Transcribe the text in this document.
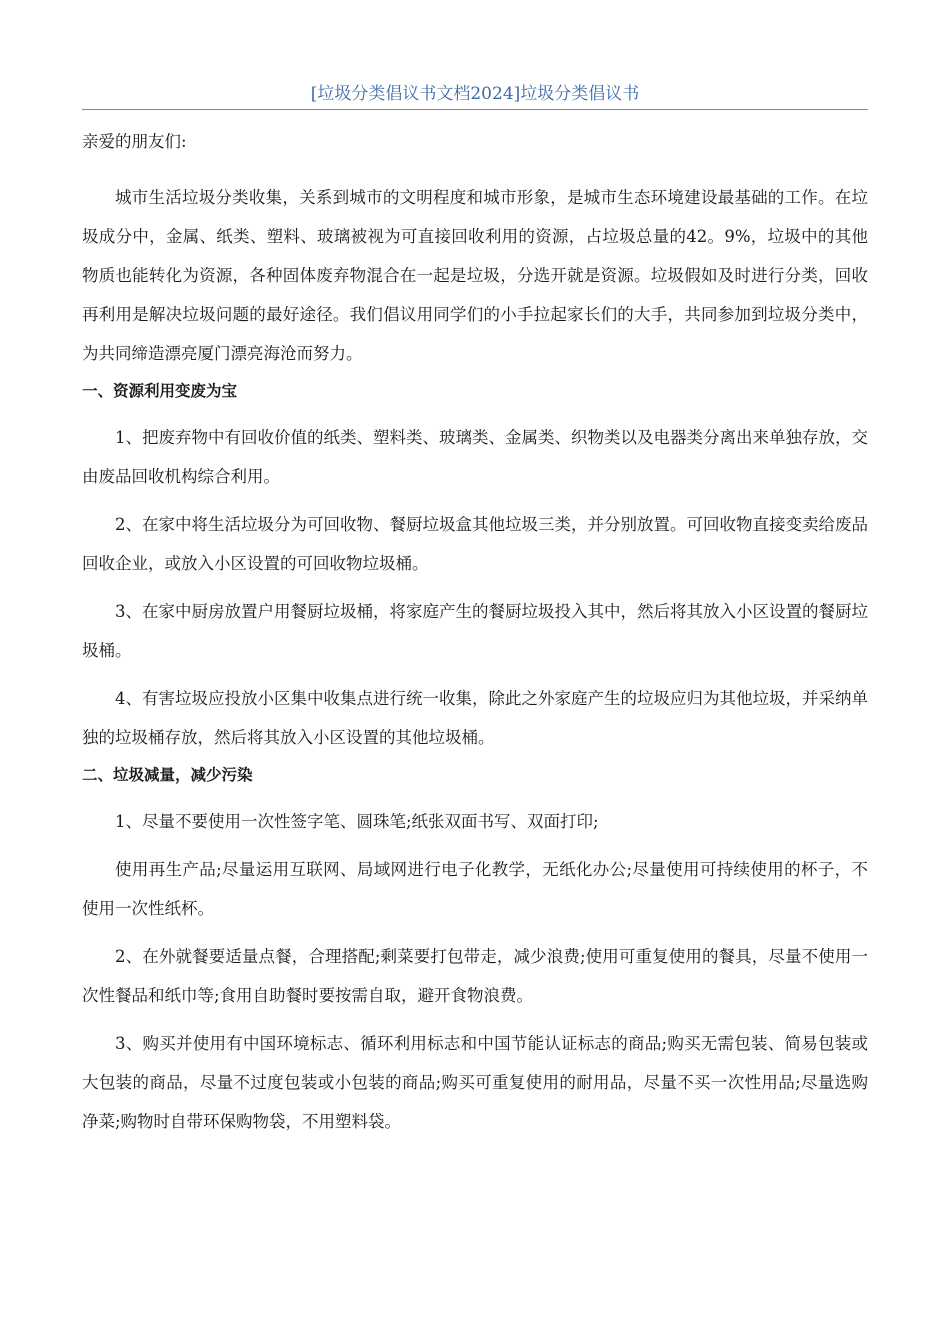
[垃圾分类倡议书文档2024]垃圾分类倡议书

亲爱的朋友们:

城市生活垃圾分类收集，关系到城市的文明程度和城市形象，是城市生态环境建设最基础的工作。在垃圾成分中，金属、纸类、塑料、玻璃被视为可直接回收利用的资源，占垃圾总量的42。9%，垃圾中的其他物质也能转化为资源，各种固体废弃物混合在一起是垃圾，分选开就是资源。垃圾假如及时进行分类，回收再利用是解决垃圾问题的最好途径。我们倡议用同学们的小手拉起家长们的大手，共同参加到垃圾分类中，为共同缔造漂亮厦门漂亮海沧而努力。

一、资源利用变废为宝

1、把废弃物中有回收价值的纸类、塑料类、玻璃类、金属类、织物类以及电器类分离出来单独存放，交由废品回收机构综合利用。

2、在家中将生活垃圾分为可回收物、餐厨垃圾盒其他垃圾三类，并分别放置。可回收物直接变卖给废品回收企业，或放入小区设置的可回收物垃圾桶。

3、在家中厨房放置户用餐厨垃圾桶，将家庭产生的餐厨垃圾投入其中，然后将其放入小区设置的餐厨垃圾桶。

4、有害垃圾应投放小区集中收集点进行统一收集，除此之外家庭产生的垃圾应归为其他垃圾，并采纳单独的垃圾桶存放，然后将其放入小区设置的其他垃圾桶。

二、垃圾减量，减少污染

1、尽量不要使用一次性签字笔、圆珠笔;纸张双面书写、双面打印;

使用再生产品;尽量运用互联网、局域网进行电子化教学，无纸化办公;尽量使用可持续使用的杯子，不使用一次性纸杯。

2、在外就餐要适量点餐，合理搭配;剩菜要打包带走，减少浪费;使用可重复使用的餐具，尽量不使用一次性餐品和纸巾等;食用自助餐时要按需自取，避开食物浪费。

3、购买并使用有中国环境标志、循环利用标志和中国节能认证标志的商品;购买无需包装、简易包装或大包装的商品，尽量不过度包装或小包装的商品;购买可重复使用的耐用品，尽量不买一次性用品;尽量选购净菜;购物时自带环保购物袋，不用塑料袋。
